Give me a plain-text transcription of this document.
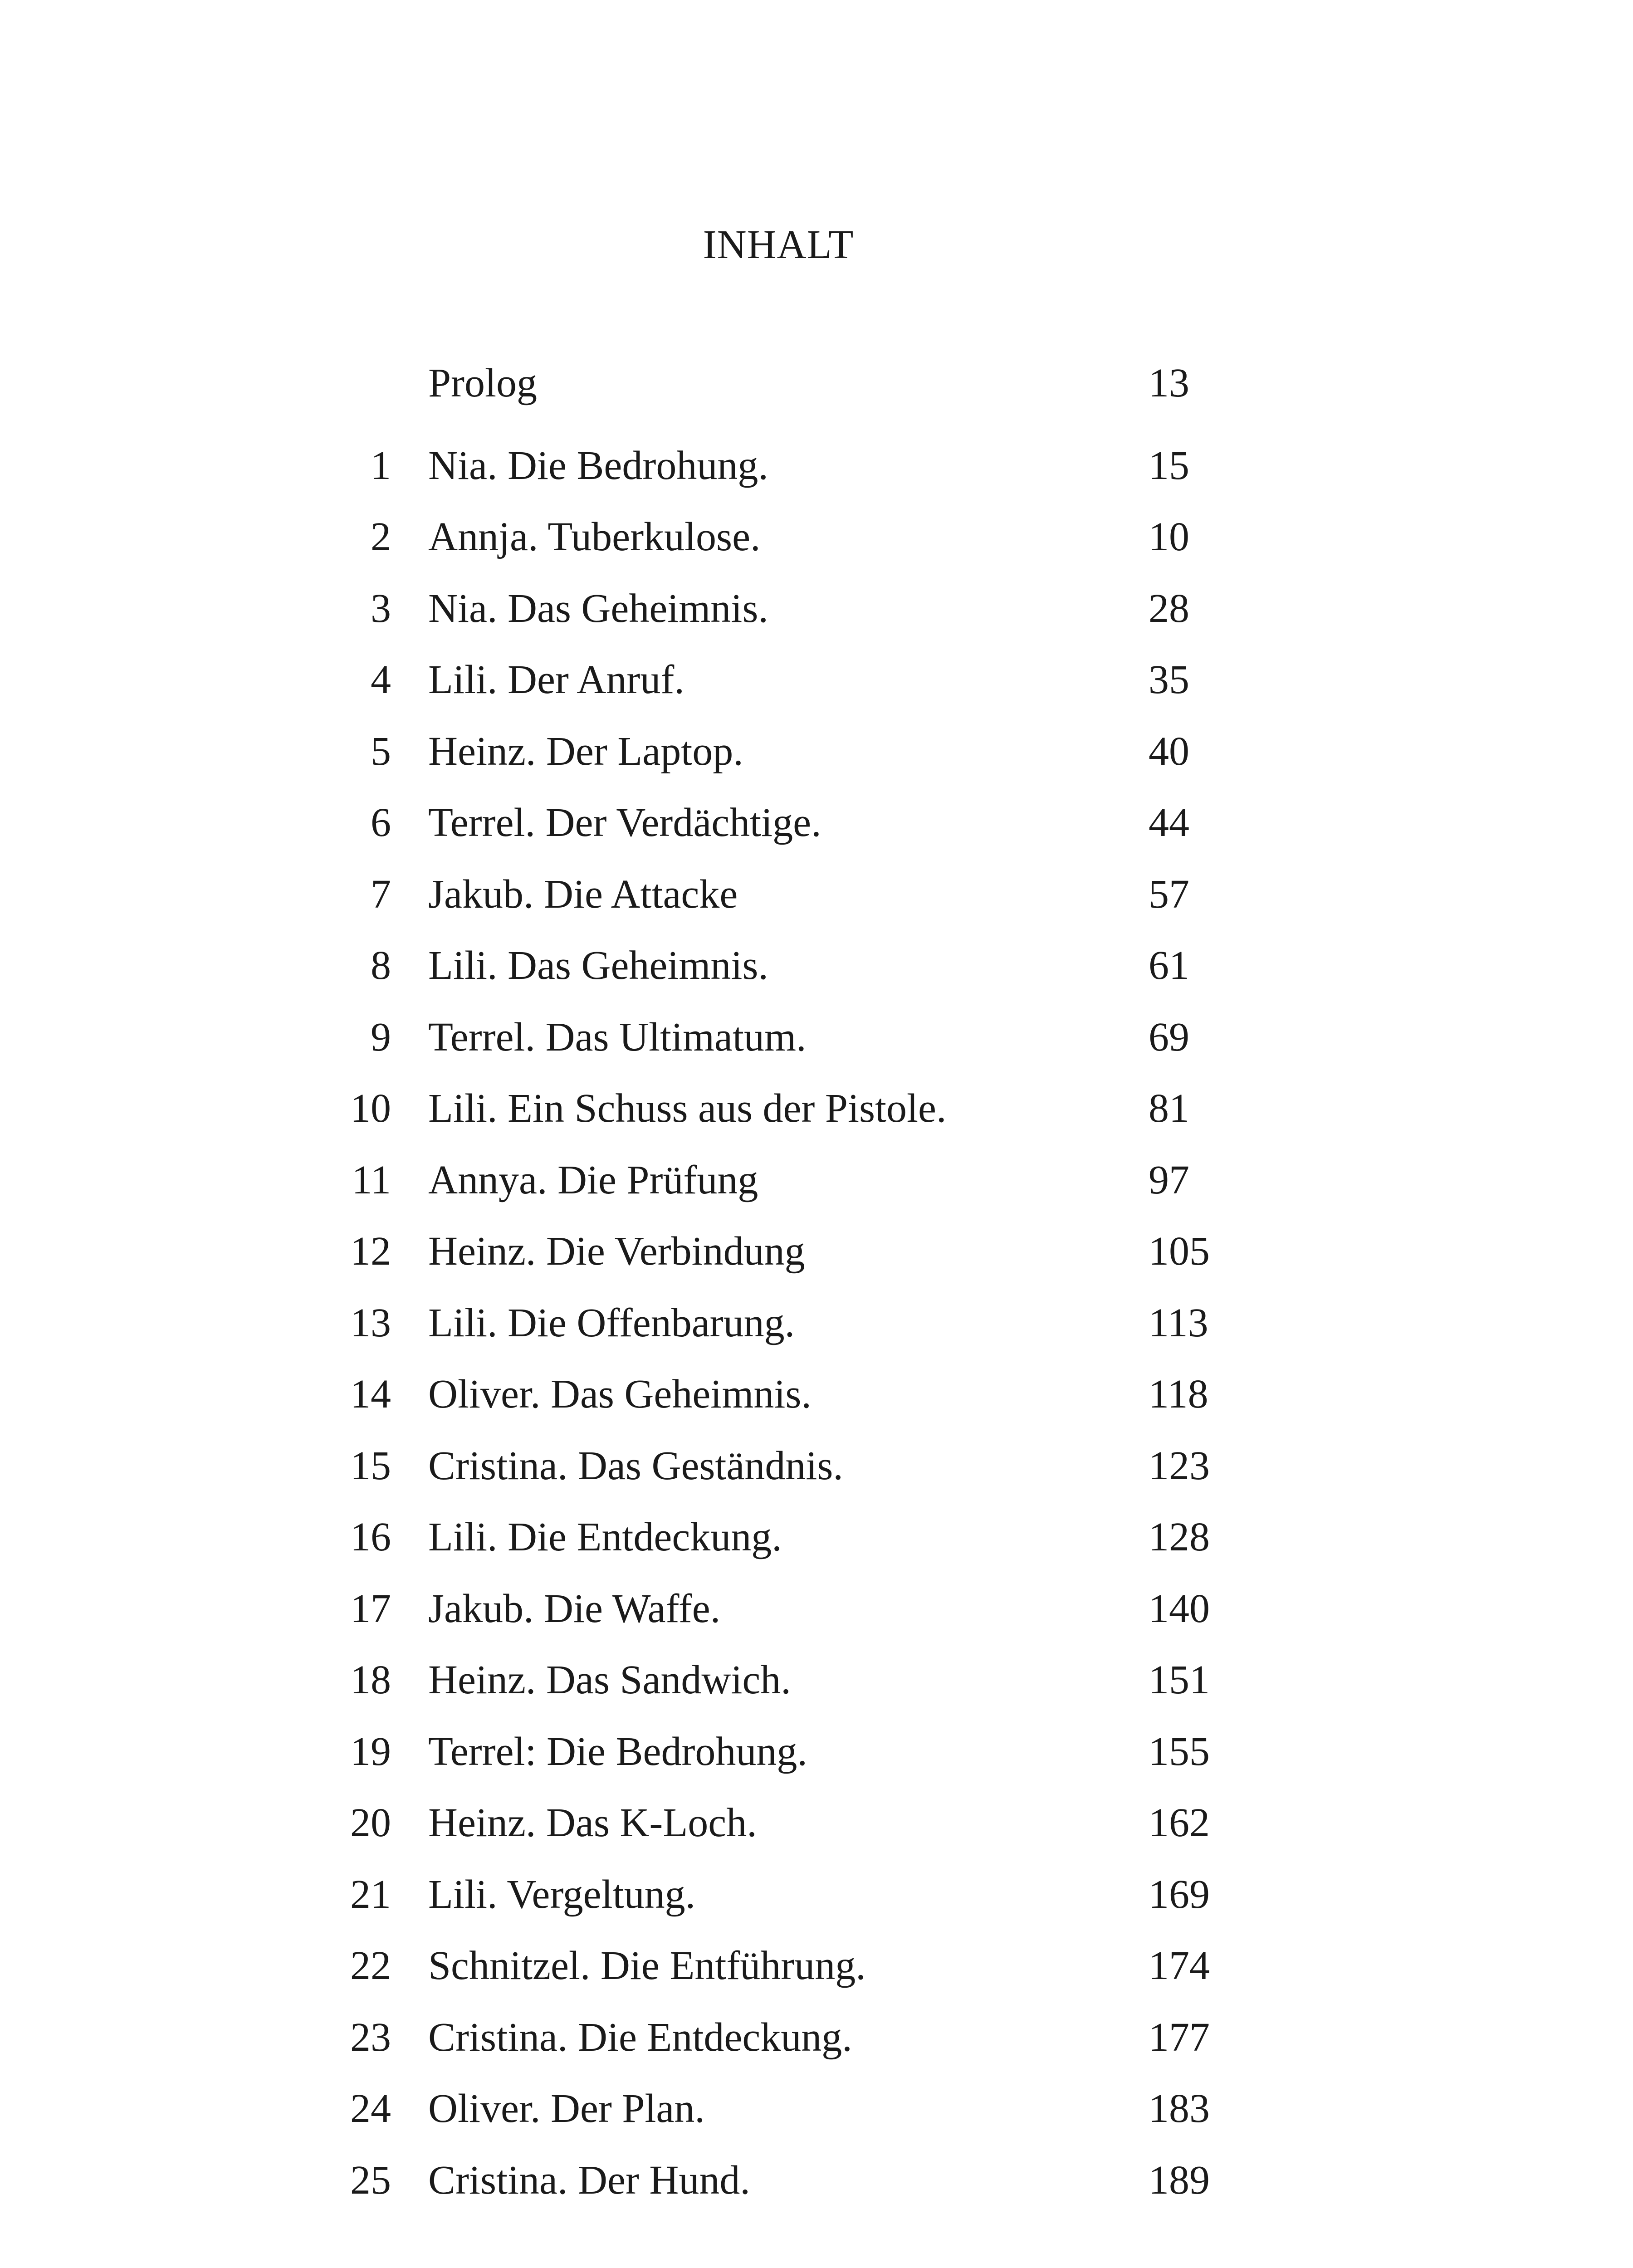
INHALT
Prolog	13
1 Nia. Die Bedrohung.	15
2 Annja. Tuberkulose.	10
3 Nia. Das Geheimnis.	28
4 Lili. Der Anruf.	35
5 Heinz. Der Laptop.	40
6 Terrel. Der Verdächtige.	44
7 Jakub. Die Attacke	57
8 Lili. Das Geheimnis.	61
9 Terrel. Das Ultimatum.	69
10 Lili. Ein Schuss aus der Pistole.	81
11 Annya. Die Prüfung	97
12 Heinz. Die Verbindung	105
13 Lili. Die Offenbarung.	113
14 Oliver. Das Geheimnis.	118
15 Cristina. Das Geständnis.	123
16 Lili. Die Entdeckung.	128
17 Jakub. Die Waffe.	140
18 Heinz. Das Sandwich.	151
19 Terrel: Die Bedrohung.	155
20 Heinz. Das K-Loch.	162
21 Lili. Vergeltung.	169
22 Schnitzel. Die Entführung.	174
23 Cristina. Die Entdeckung.	177
24 Oliver. Der Plan.	183
25 Cristina. Der Hund.	189
